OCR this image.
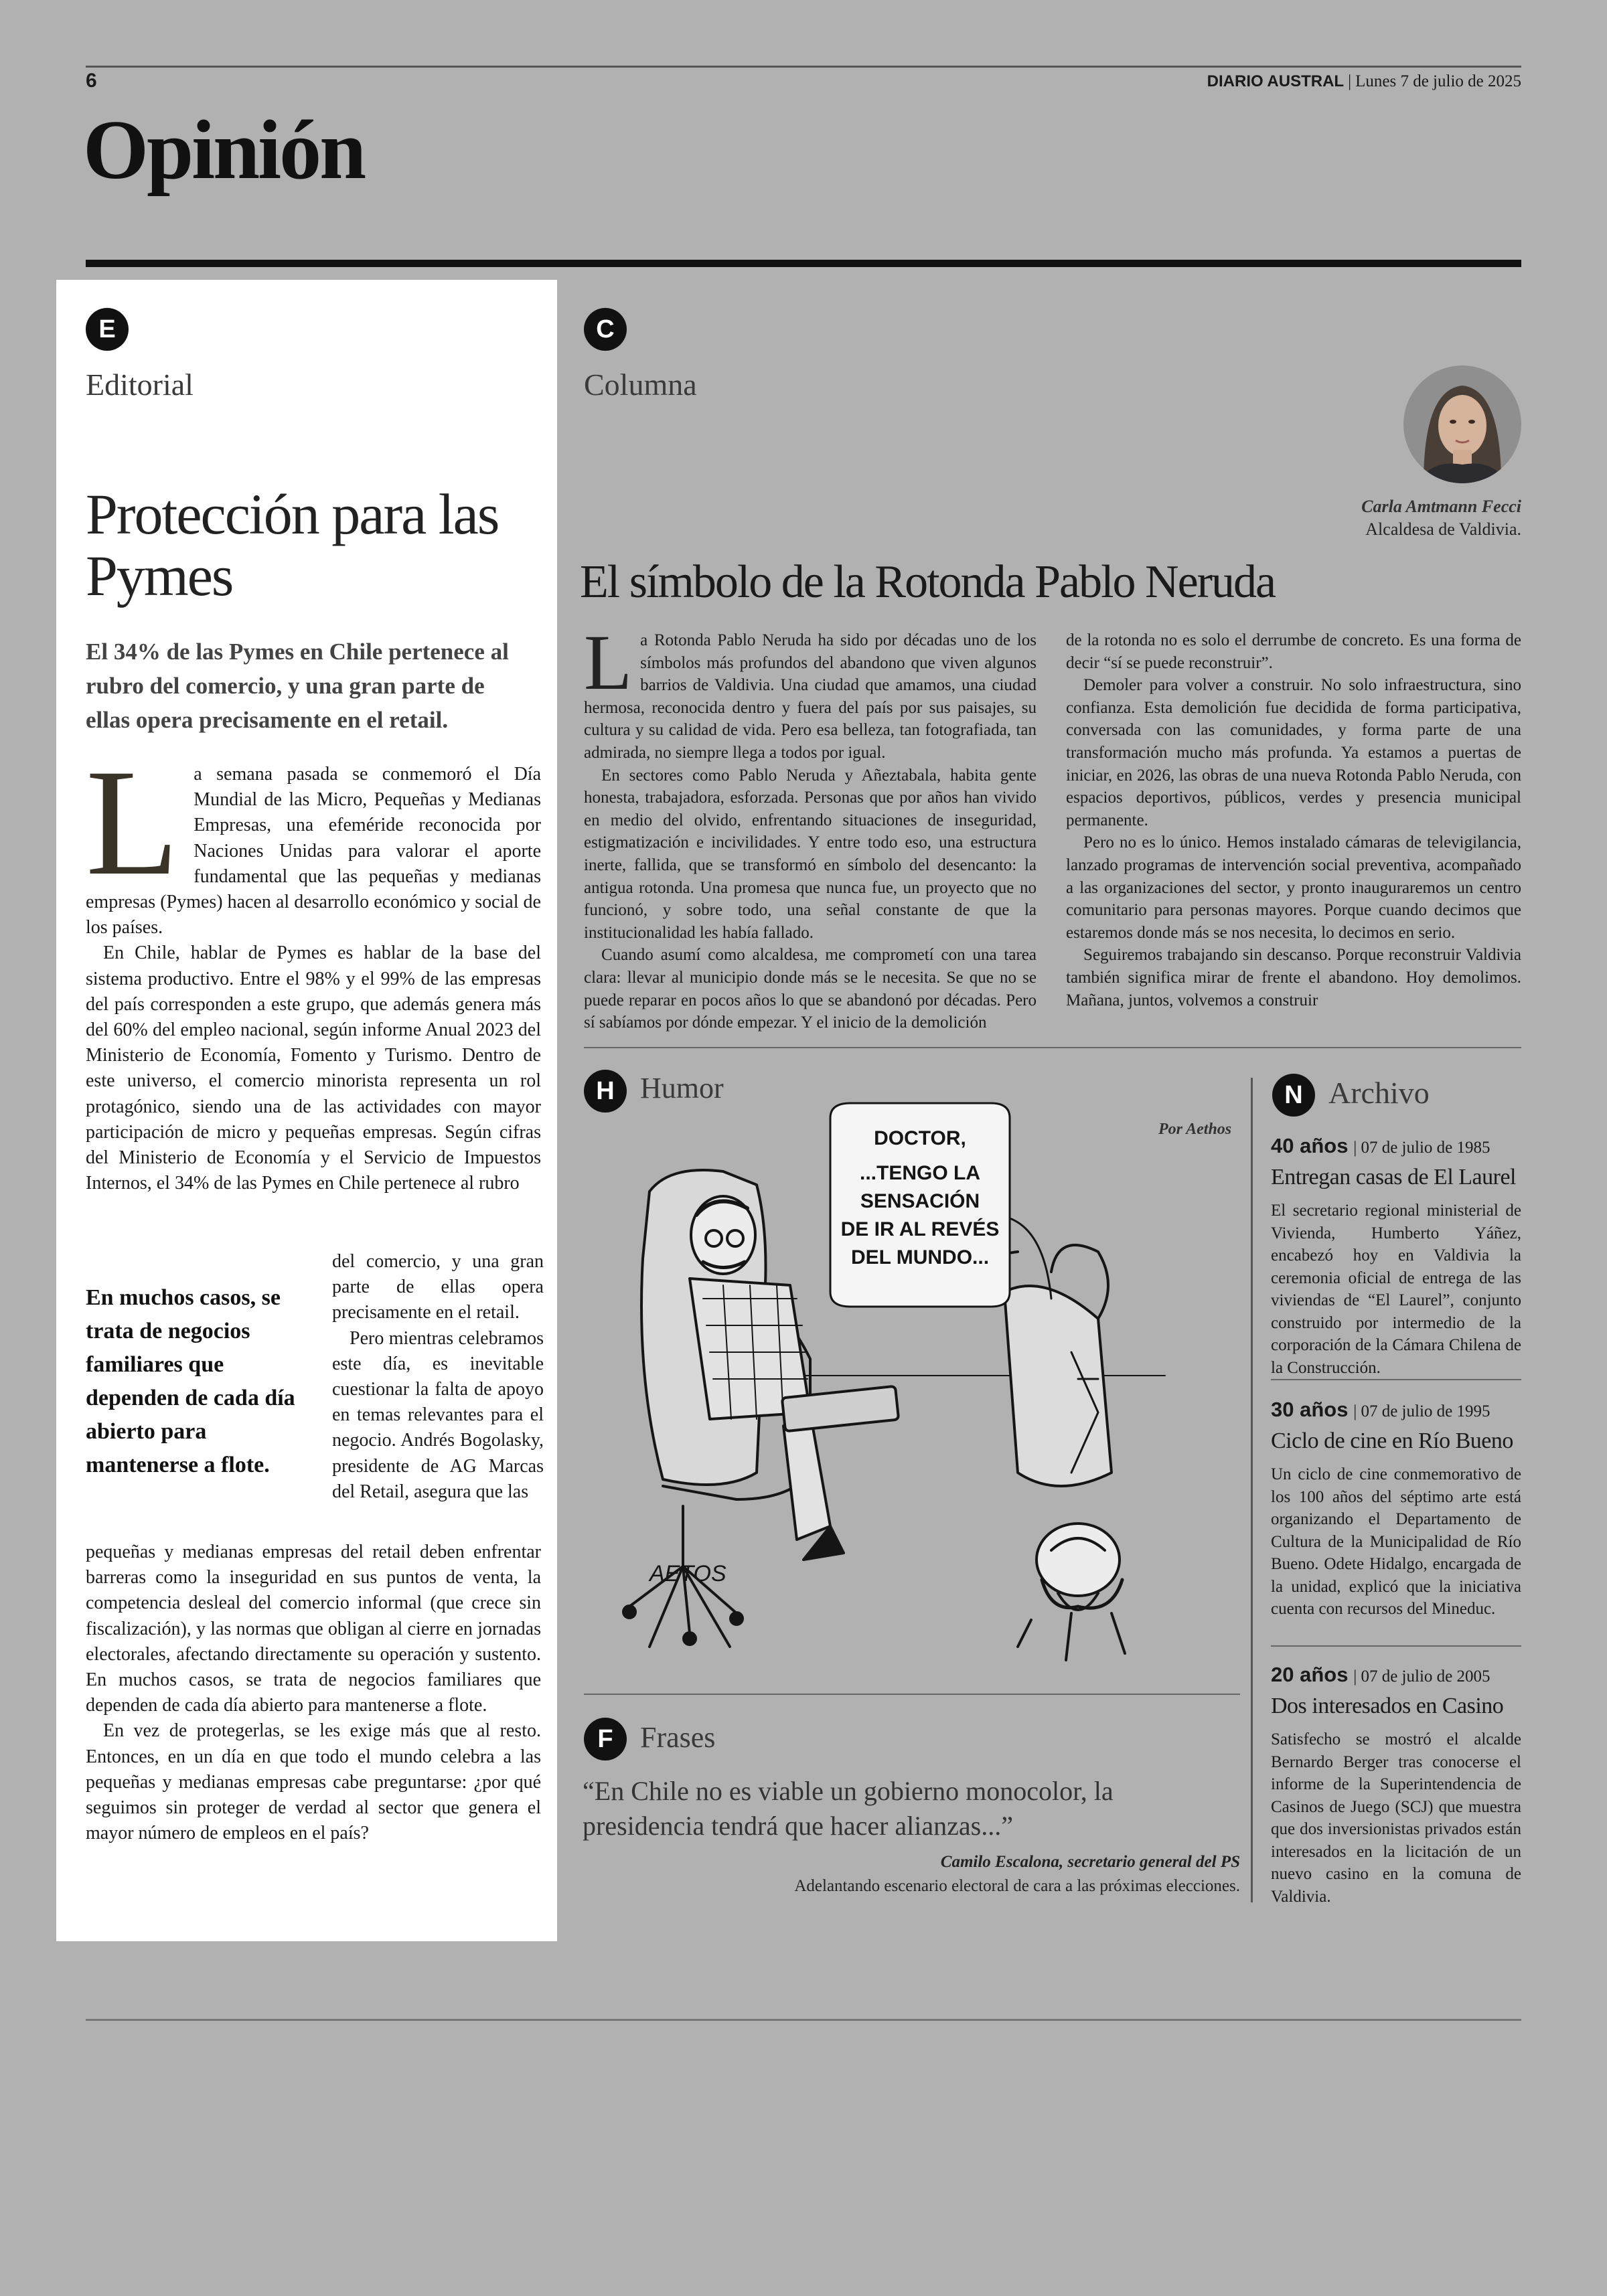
6	DIARIO AUSTRAL | Lunes 7 de julio de 2025
Opinión
E
Editorial
Protección para las Pymes
El 34% de las Pymes en Chile pertenece al rubro del comercio, y una gran parte de ellas opera precisamente en el retail.

La semana pasada se conmemoró el Día Mundial de las Micro, Pequeñas y Medianas Empresas, una efeméride reconocida por Naciones Unidas para valorar el aporte fundamental que las pequeñas y medianas empresas (Pymes) hacen al desarrollo económico y social de los países.

En Chile, hablar de Pymes es hablar de la base del sistema productivo. Entre el 98% y el 99% de las empresas del país corresponden a este grupo, que además genera más del 60% del empleo nacional, según informe Anual 2023 del Ministerio de Economía, Fomento y Turismo. Dentro de este universo, el comercio minorista representa un rol protagónico, siendo una de las actividades con mayor participación de micro y pequeñas empresas. Según cifras del Ministerio de Economía y el Servicio de Impuestos Internos, el 34% de las Pymes en Chile pertenece al rubro

En muchos casos, se trata de negocios familiares que dependen de cada día abierto para mantenerse a flote.

del comercio, y una gran parte de ellas opera precisamente en el retail.

Pero mientras celebramos este día, es inevitable cuestionar la falta de apoyo en temas relevantes para el negocio. Andrés Bogolasky, presidente de AG Marcas del Retail, asegura que las

pequeñas y medianas empresas del retail deben enfrentar barreras como la inseguridad en sus puntos de venta, la competencia desleal del comercio informal (que crece sin fiscalización), y las normas que obligan al cierre en jornadas electorales, afectando directamente su operación y sustento. En muchos casos, se trata de negocios familiares que dependen de cada día abierto para mantenerse a flote.

En vez de protegerlas, se les exige más que al resto. Entonces, en un día en que todo el mundo celebra a las pequeñas y medianas empresas cabe preguntarse: ¿por qué seguimos sin proteger de verdad al sector que genera el mayor número de empleos en el país?

C
Columna
Carla Amtmann Fecci
Alcaldesa de Valdivia.
El símbolo de la Rotonda Pablo Neruda

La Rotonda Pablo Neruda ha sido por décadas uno de los símbolos más profundos del abandono que viven algunos barrios de Valdivia. Una ciudad que amamos, una ciudad hermosa, reconocida dentro y fuera del país por sus paisajes, su cultura y su calidad de vida. Pero esa belleza, tan fotografiada, tan admirada, no siempre llega a todos por igual.

En sectores como Pablo Neruda y Añeztabala, habita gente honesta, trabajadora, esforzada. Personas que por años han vivido en medio del olvido, enfrentando situaciones de inseguridad, estigmatización e incivilidades. Y entre todo eso, una estructura inerte, fallida, que se transformó en símbolo del desencanto: la antigua rotonda. Una promesa que nunca fue, un proyecto que no funcionó, y sobre todo, una señal constante de que la institucionalidad les había fallado.

Cuando asumí como alcaldesa, me comprometí con una tarea clara: llevar al municipio donde más se le necesita. Se que no se puede reparar en pocos años lo que se abandonó por décadas. Pero sí sabíamos por dónde empezar. Y el inicio de la demolición

de la rotonda no es solo el derrumbe de concreto. Es una forma de decir “sí se puede reconstruir”.

Demoler para volver a construir. No solo infraestructura, sino confianza. Esta demolición fue decidida de forma participativa, conversada con las comunidades, y forma parte de una transformación mucho más profunda. Ya estamos a puertas de iniciar, en 2026, las obras de una nueva Rotonda Pablo Neruda, con espacios deportivos, públicos, verdes y presencia municipal permanente.

Pero no es lo único. Hemos instalado cámaras de televigilancia, lanzado programas de intervención social preventiva, acompañado a las organizaciones del sector, y pronto inauguraremos un centro comunitario para personas mayores. Porque cuando decimos que estaremos donde más se nos necesita, lo decimos en serio.

Seguiremos trabajando sin descanso. Porque reconstruir Valdivia también significa mirar de frente el abandono. Hoy demolimos. Mañana, juntos, volvemos a construir

H Humor
Por Aethos
AETOS
DOCTOR,
...TENGO LA
SENSACIÓN
DE IR AL REVÉS
DEL MUNDO...
F Frases
“En Chile no es viable un gobierno monocolor, la presidencia tendrá que hacer alianzas...”
Camilo Escalona, secretario general del PS
Adelantando escenario electoral de cara a las próximas elecciones.
N Archivo
40 años | 07 de julio de 1985
Entregan casas de El Laurel
El secretario regional ministerial de Vivienda, Humberto Yáñez, encabezó hoy en Valdivia la ceremonia oficial de entrega de las viviendas de “El Laurel”, conjunto construido por intermedio de la corporación de la Cámara Chilena de la Construcción.
30 años | 07 de julio de 1995
Ciclo de cine en Río Bueno
Un ciclo de cine conmemorativo de los 100 años del séptimo arte está organizando el Departamento de Cultura de la Municipalidad de Río Bueno. Odete Hidalgo, encargada de la unidad, explicó que la iniciativa cuenta con recursos del Mineduc.
20 años | 07 de julio de 2005
Dos interesados en Casino
Satisfecho se mostró el alcalde Bernardo Berger tras conocerse el informe de la Superintendencia de Casinos de Juego (SCJ) que muestra que dos inversionistas privados están interesados en la licitación de un nuevo casino en la comuna de Valdivia.
